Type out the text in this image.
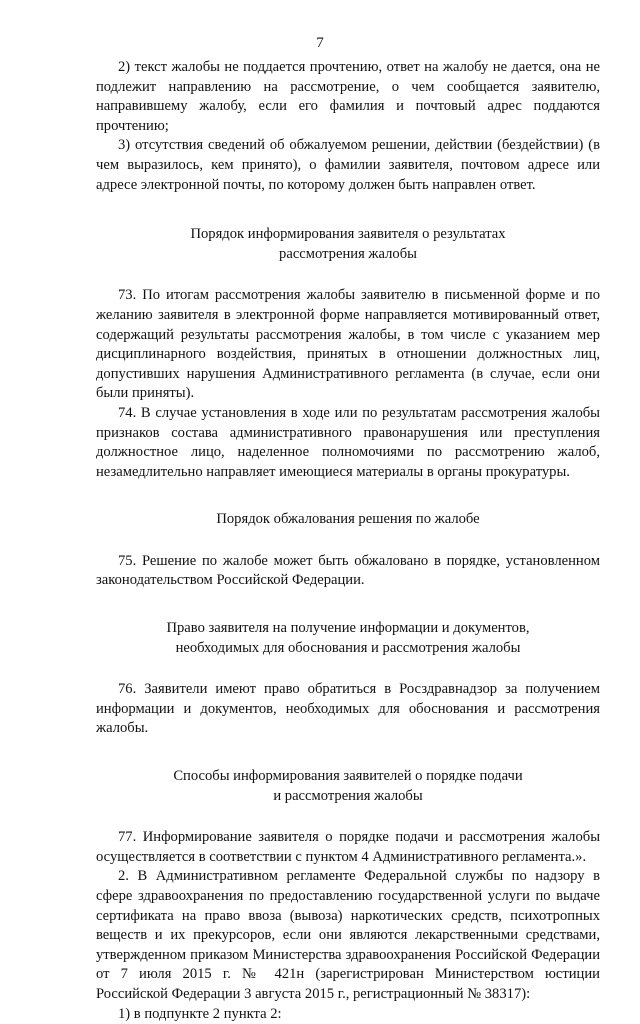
7

2) текст жалобы не поддается прочтению, ответ на жалобу не дается, она не подлежит направлению на рассмотрение, о чем сообщается заявителю, направившему жалобу, если его фамилия и почтовый адрес поддаются прочтению;

3) отсутствия сведений об обжалуемом решении, действии (бездействии) (в чем выразилось, кем принято), о фамилии заявителя, почтовом адресе или адресе электронной почты, по которому должен быть направлен ответ.

Порядок информирования заявителя о результатах
рассмотрения жалобы

73. По итогам рассмотрения жалобы заявителю в письменной форме и по желанию заявителя в электронной форме направляется мотивированный ответ, содержащий результаты рассмотрения жалобы, в том числе с указанием мер дисциплинарного воздействия, принятых в отношении должностных лиц, допустивших нарушения Административного регламента (в случае, если они были приняты).

74. В случае установления в ходе или по результатам рассмотрения жалобы признаков состава административного правонарушения или преступления должностное лицо, наделенное полномочиями по рассмотрению жалоб, незамедлительно направляет имеющиеся материалы в органы прокуратуры.

Порядок обжалования решения по жалобе

75. Решение по жалобе может быть обжаловано в порядке, установленном законодательством Российской Федерации.

Право заявителя на получение информации и документов,
необходимых для обоснования и рассмотрения жалобы

76. Заявители имеют право обратиться в Росздравнадзор за получением информации и документов, необходимых для обоснования и рассмотрения жалобы.

Способы информирования заявителей о порядке подачи
и рассмотрения жалобы

77. Информирование заявителя о порядке подачи и рассмотрения жалобы осуществляется в соответствии с пунктом 4 Административного регламента.».

2. В Административном регламенте Федеральной службы по надзору в сфере здравоохранения по предоставлению государственной услуги по выдаче сертификата на право ввоза (вывоза) наркотических средств, психотропных веществ и их прекурсоров, если они являются лекарственными средствами, утвержденном приказом Министерства здравоохранения Российской Федерации от 7 июля 2015 г. № 421н (зарегистрирован Министерством юстиции Российской Федерации 3 августа 2015 г., регистрационный № 38317):

1) в подпункте 2 пункта 2:
